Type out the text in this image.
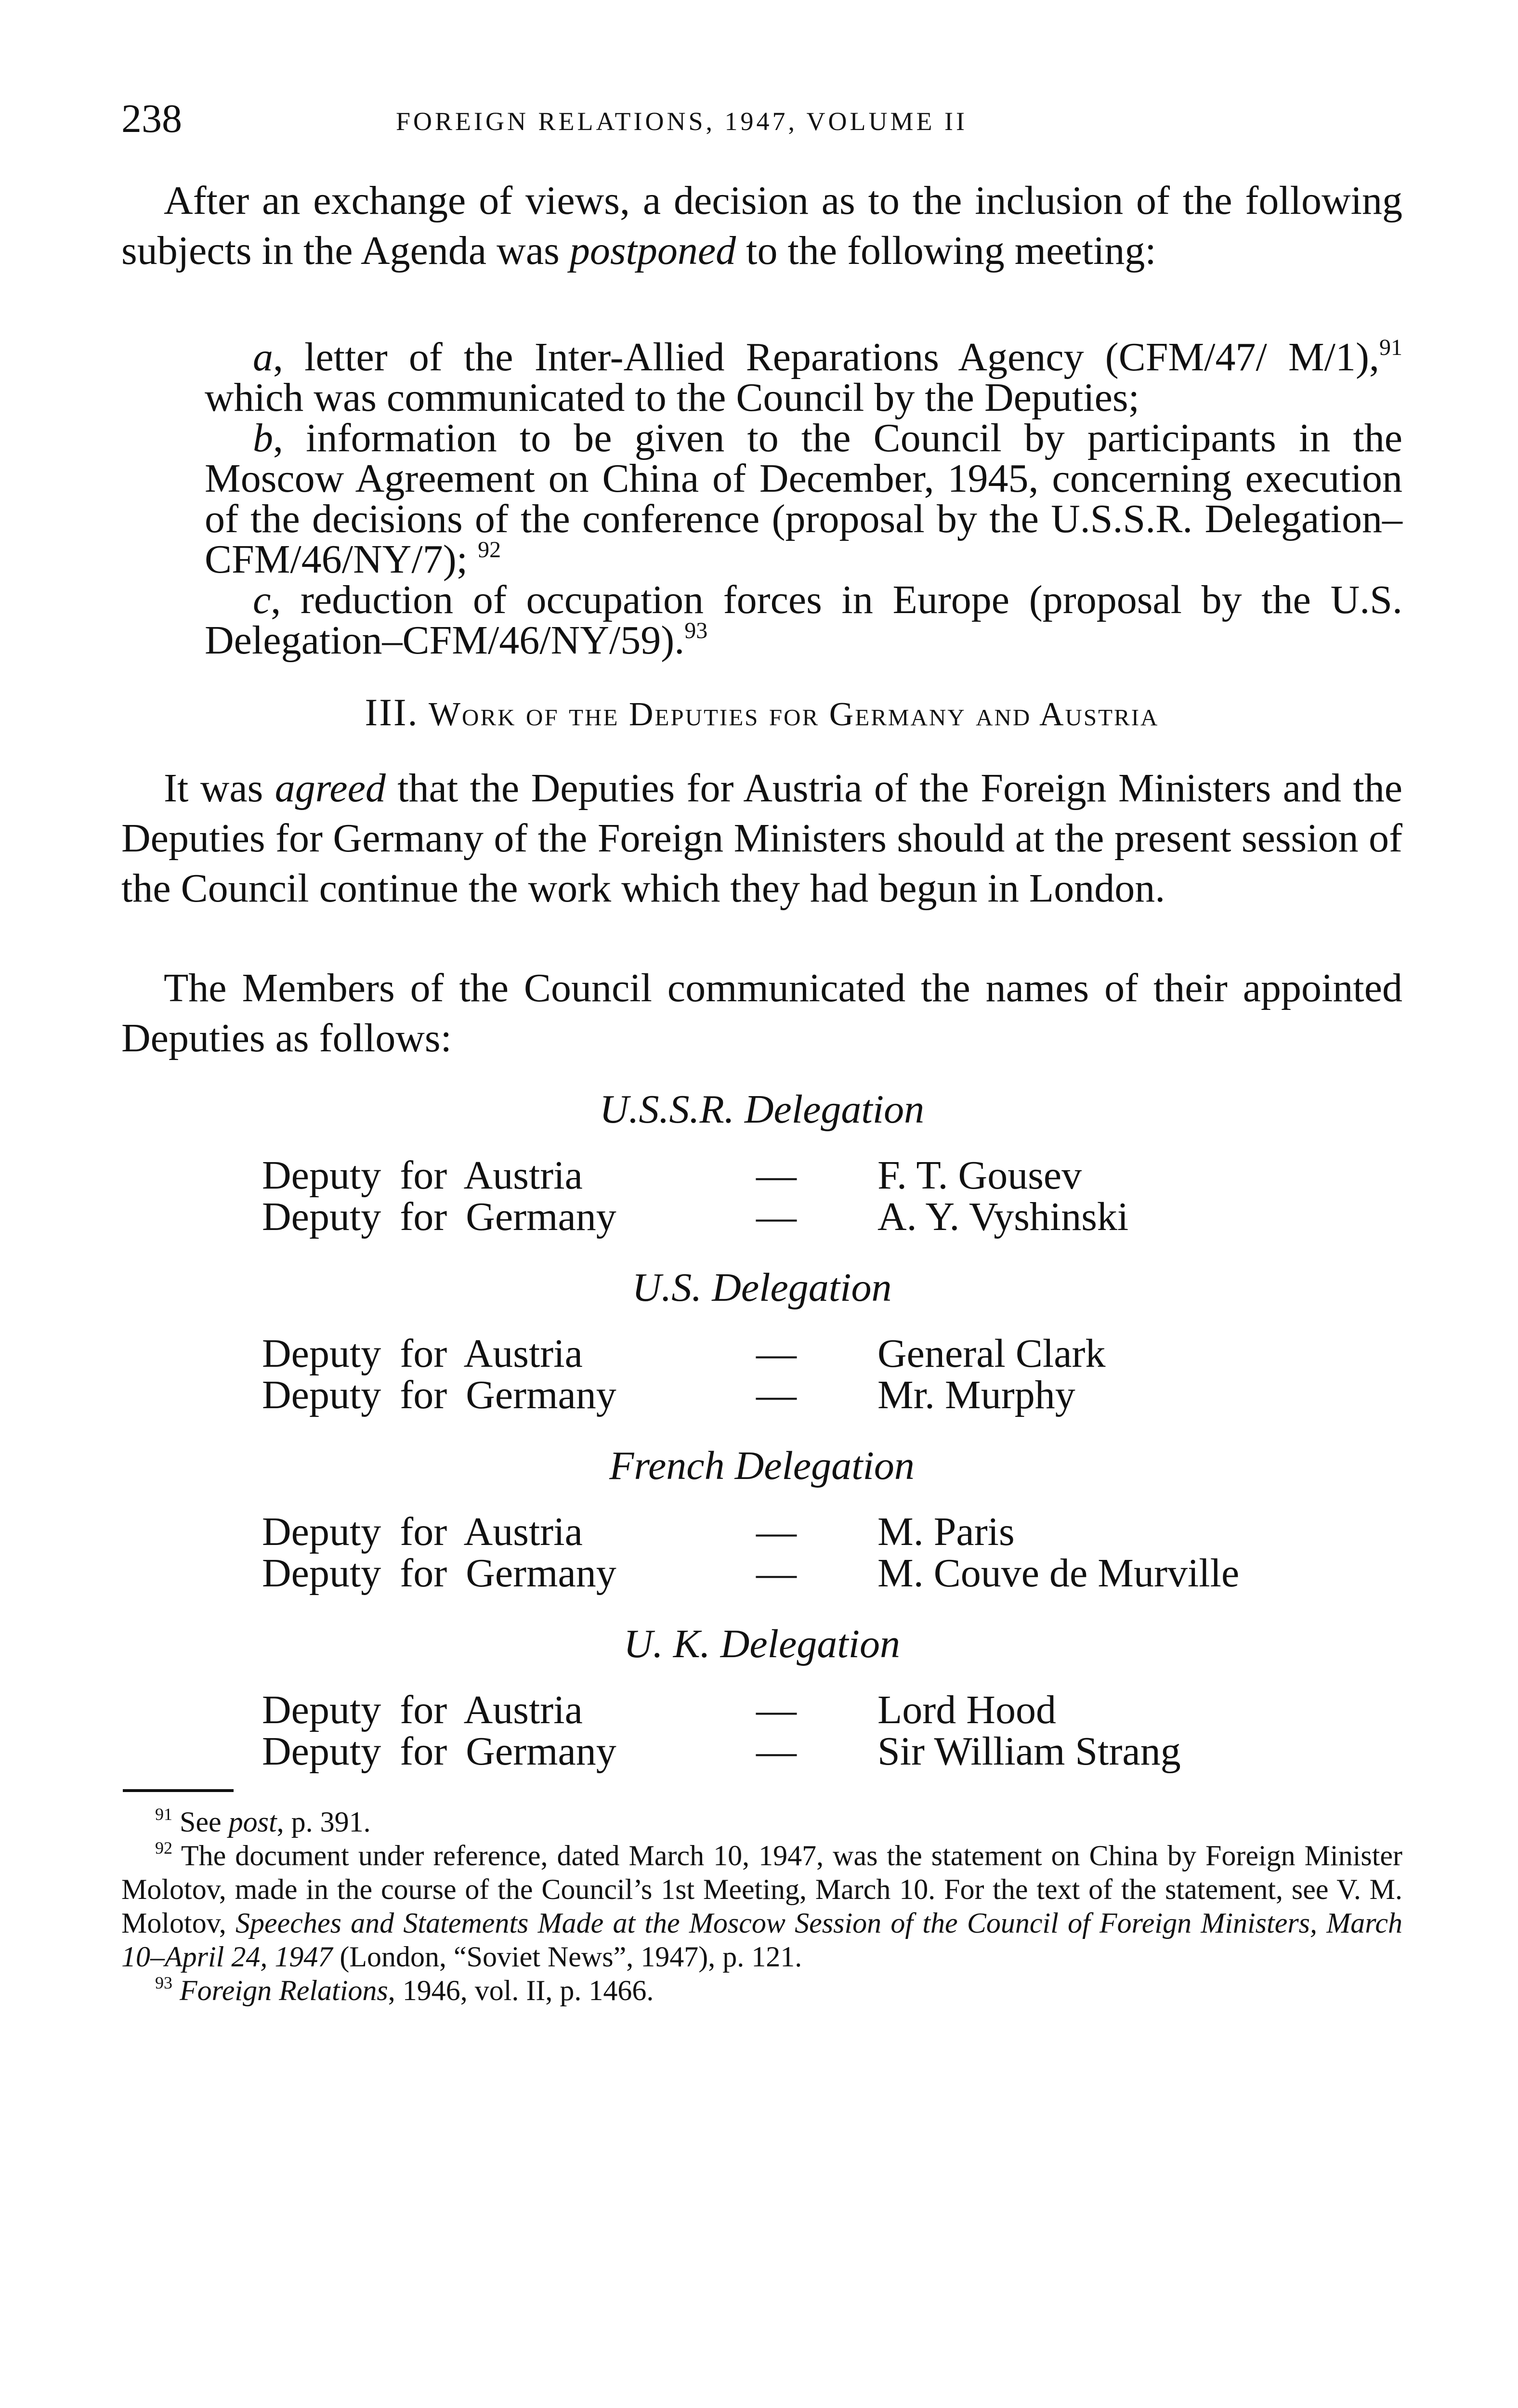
238	FOREIGN RELATIONS, 1947, VOLUME II

After an exchange of views, a decision as to the inclusion of the following subjects in the Agenda was postponed to the following meeting:

a, letter of the Inter-Allied Reparations Agency (CFM/47/ M/1),$^{91}$ which was communicated to the Council by the Deputies;

b, information to be given to the Council by participants in the Moscow Agreement on China of December, 1945, concerning execution of the decisions of the conference (proposal by the U.S.S.R. Delegation–CFM/46/NY/7); $^{92}$

c, reduction of occupation forces in Europe (proposal by the U.S. Delegation–CFM/46/NY/59).$^{93}$

III. Work of the Deputies for Germany and Austria

It was agreed that the Deputies for Austria of the Foreign Ministers and the Deputies for Germany of the Foreign Ministers should at the present session of the Council continue the work which they had begun in London.

The Members of the Council communicated the names of their appointed Deputies as follows:

U.S.S.R. Delegation

Deputy for Austria	— F. T. Gousev
Deputy for Germany	— A. Y. Vyshinski

U.S. Delegation

Deputy for Austria	— General Clark
Deputy for Germany	— Mr. Murphy

French Delegation

Deputy for Austria	— M. Paris
Deputy for Germany	— M. Couve de Murville

U. K. Delegation

Deputy for Austria	— Lord Hood
Deputy for Germany	— Sir William Strang

$^{91}$ See post, p. 391.

$^{92}$ The document under reference, dated March 10, 1947, was the statement on China by Foreign Minister Molotov, made in the course of the Council’s 1st Meeting, March 10. For the text of the statement, see V. M. Molotov, Speeches and Statements Made at the Moscow Session of the Council of Foreign Ministers, March 10–April 24, 1947 (London, “Soviet News”, 1947), p. 121.

$^{93}$ Foreign Relations, 1946, vol. II, p. 1466.
